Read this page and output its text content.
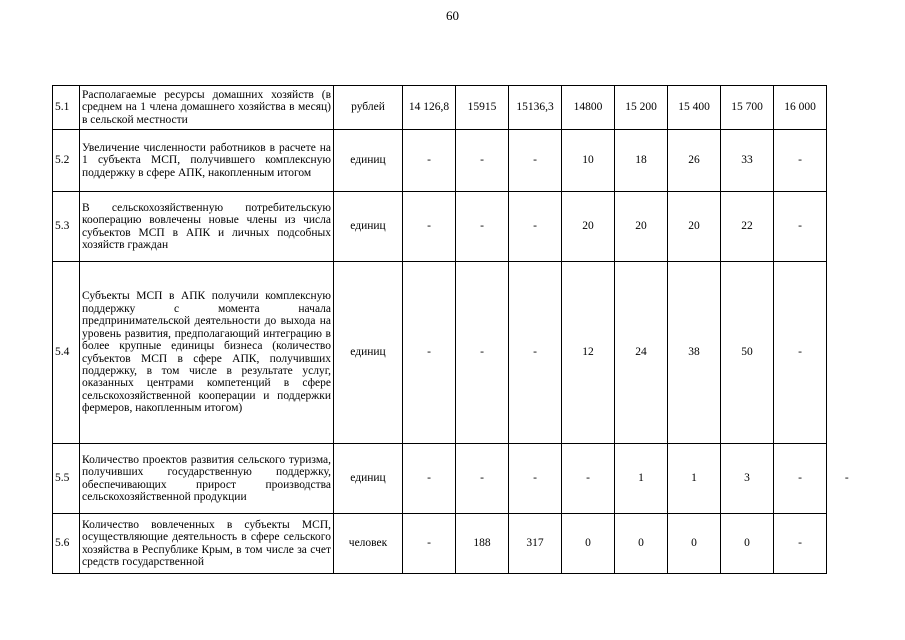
60
5.1	Располагаемые ресурсы домашних хозяйств (в среднем на 1 члена домашнего хозяйства в месяц) в сельской местности	рублей	14 126,8	15915	15136,3	14800	15 200	15 400	15 700	16 000	
5.2	Увеличение численности работников в расчете на 1 субъекта МСП, получившего комплексную поддержку в сфере АПК, накопленным итогом	единиц	-	-	-	10	18	26	33	-	
5.3	В сельскохозяйственную потребительскую кооперацию вовлечены новые члены из числа субъектов МСП в АПК и личных подсобных хозяйств граждан	единиц	-	-	-	20	20	20	22	-	
5.4	Субъекты МСП в АПК получили комплексную поддержку с момента начала предпринимательской деятельности до выхода на уровень развития, предполагающий интеграцию в более крупные единицы бизнеса (количество субъектов МСП в сфере АПК, получивших поддержку, в том числе в результате услуг, оказанных центрами компетенций в сфере сельскохозяйственной кооперации и поддержки фермеров, накопленным итогом)	единиц	-	-	-	12	24	38	50	-	
5.5	Количество проектов развития сельского туризма, получивших государственную поддержку, обеспечивающих прирост производства сельскохозяйственной продукции	единиц	-	-	-	-	1	1	3	-	-
5.6	Количество вовлеченных в субъекты МСП, осуществляющие деятельность в сфере сельского хозяйства в Республике Крым, в том числе за счет средств государственной	человек	-	188	317	0	0	0	0	-	
